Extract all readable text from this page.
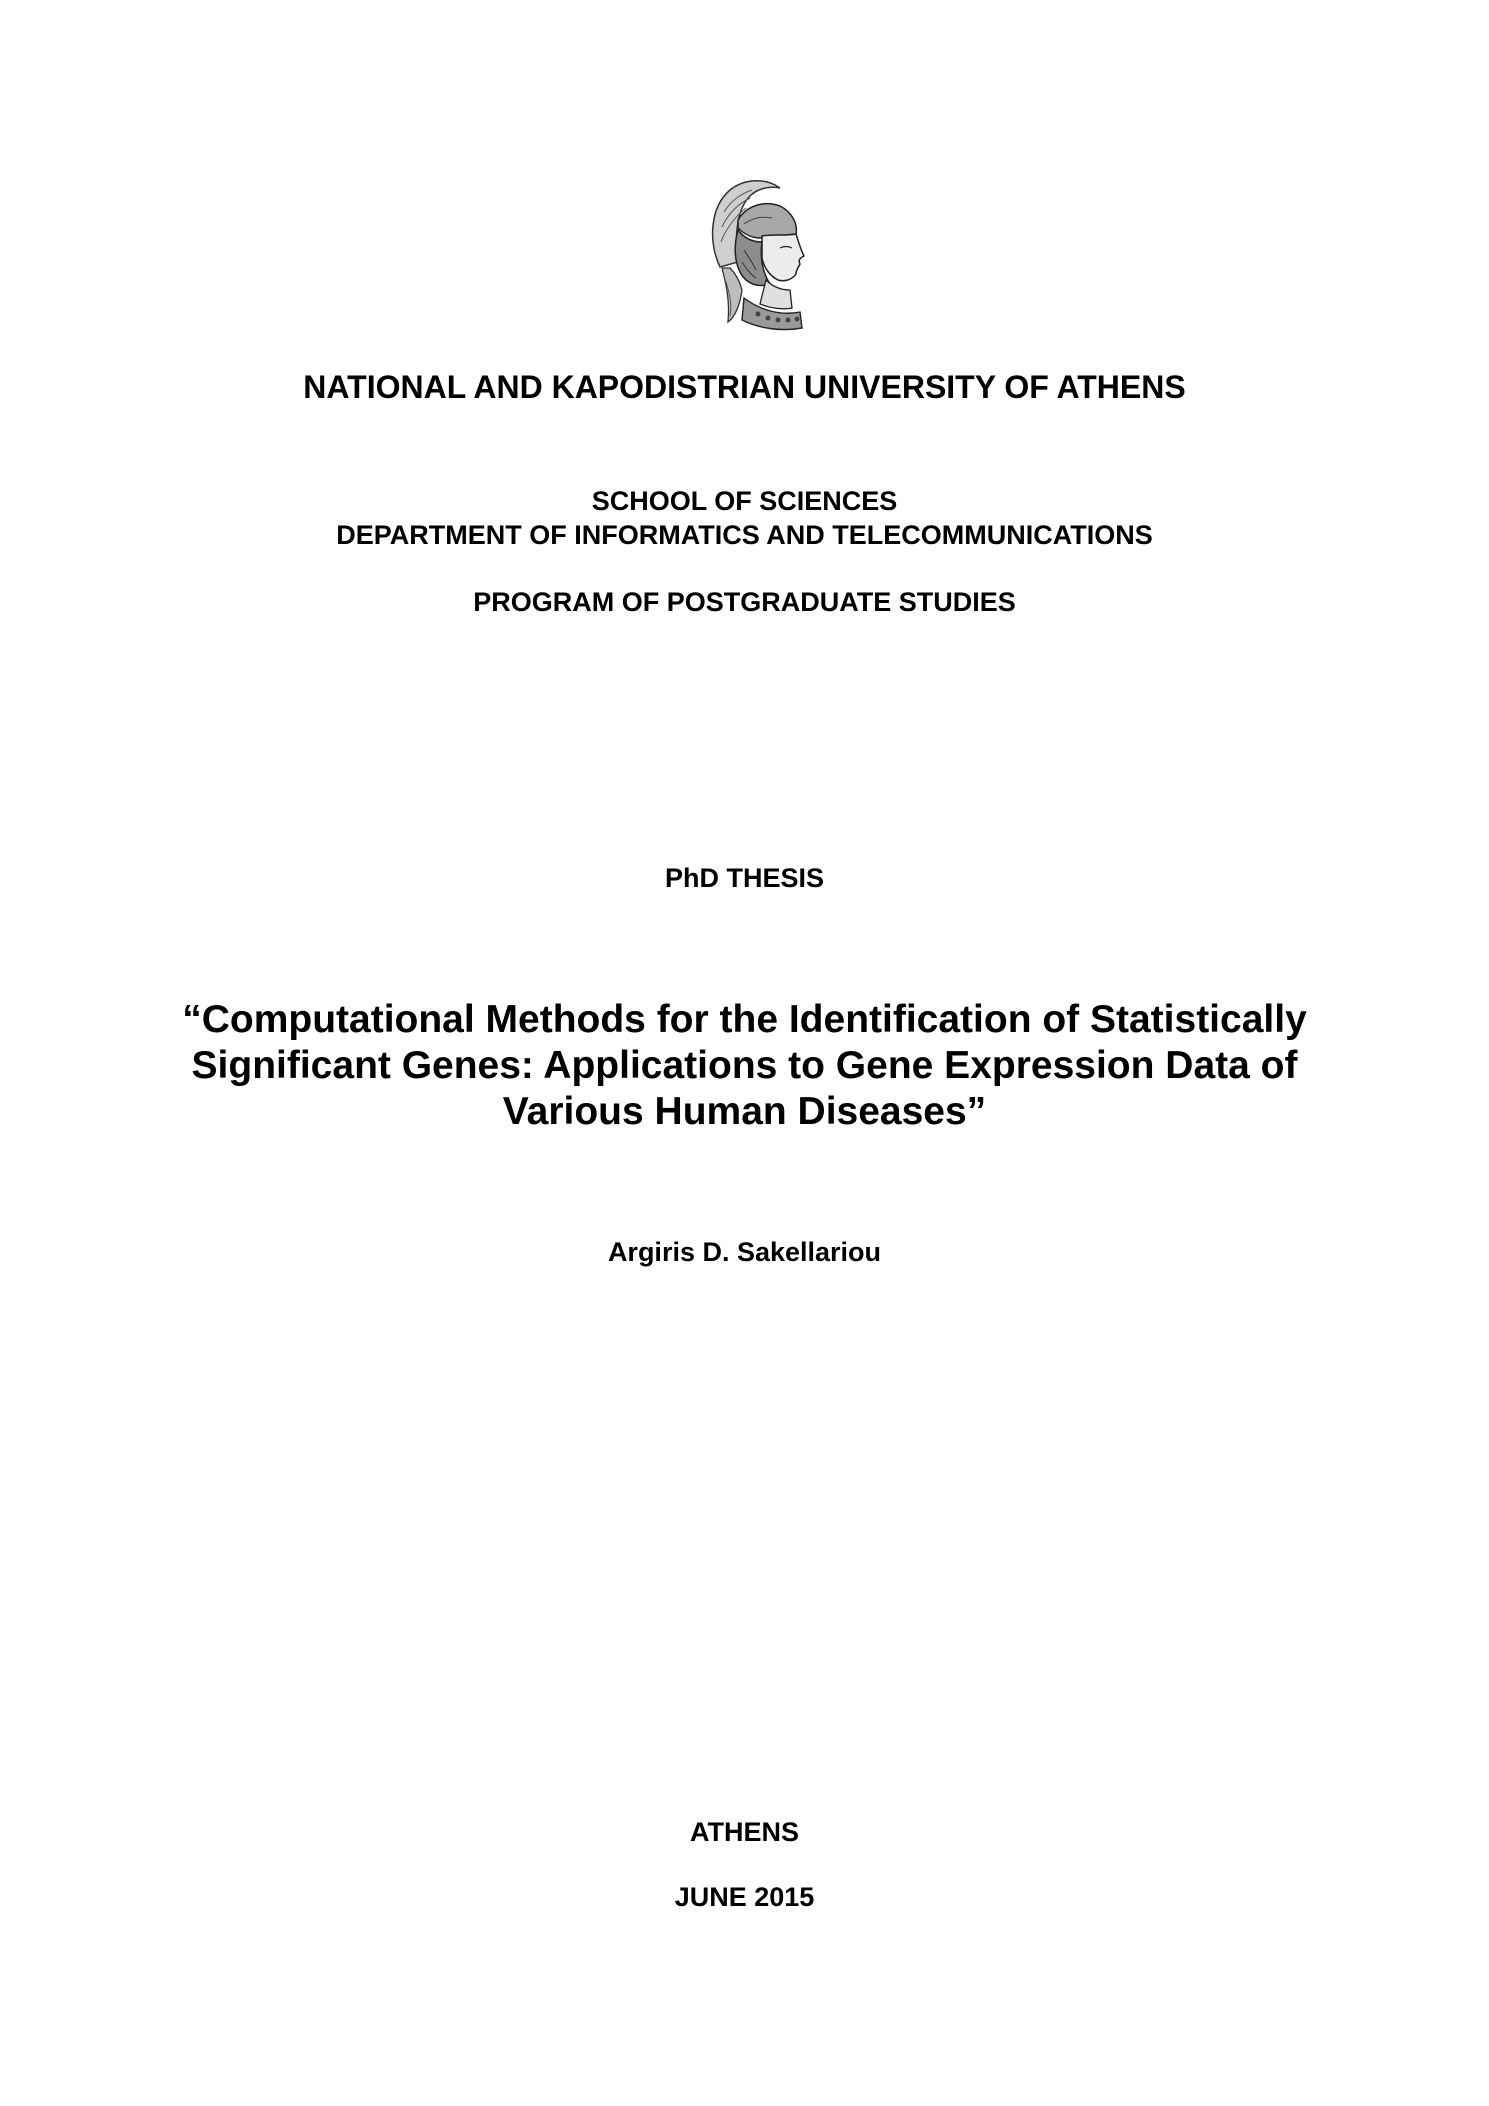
NATIONAL AND KAPODISTRIAN UNIVERSITY OF ATHENS
SCHOOL OF SCIENCES
DEPARTMENT OF INFORMATICS AND TELECOMMUNICATIONS
PROGRAM OF POSTGRADUATE STUDIES
PhD THESIS
“Computational Methods for the Identification of Statistically
Significant Genes: Applications to Gene Expression Data of
Various Human Diseases”
Argiris D. Sakellariou
ATHENS
JUNE 2015
